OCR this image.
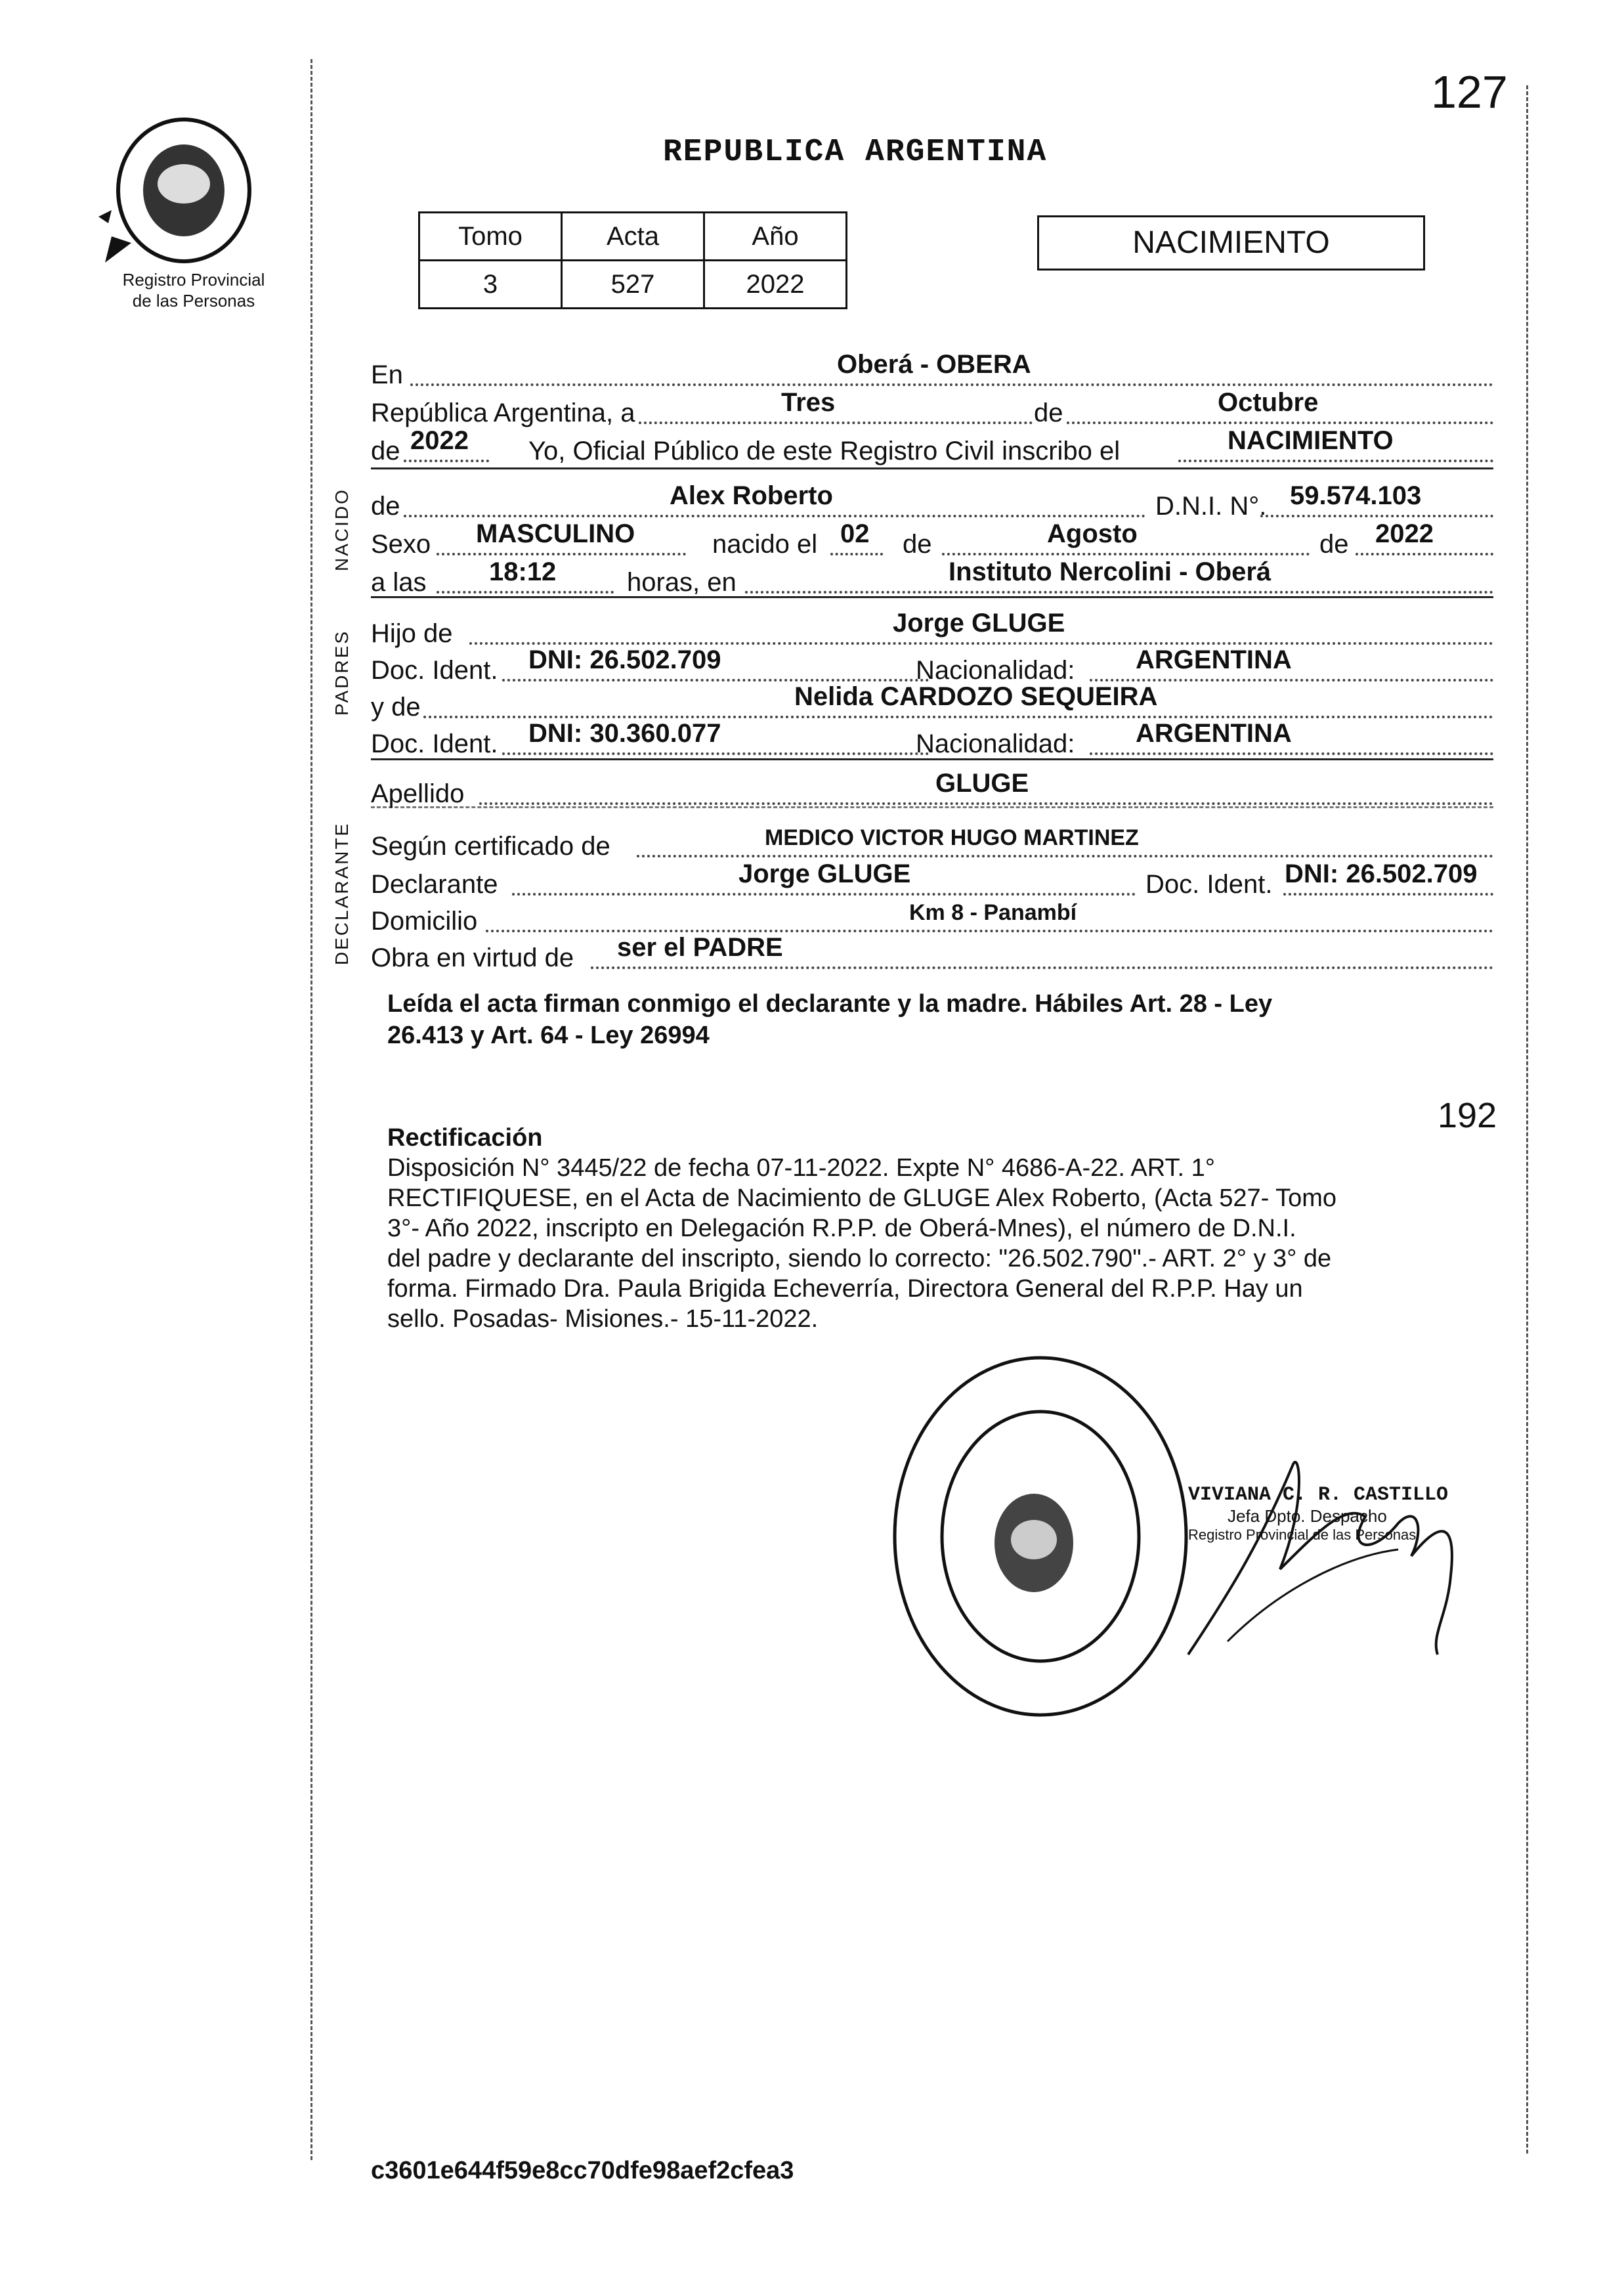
127
Registro Provincial
de las Personas
REPUBLICA ARGENTINA
Tomo	Acta	Año
3	527	2022
NACIMIENTO
NACIDO
PADRES
DECLARANTE
En	Oberá - OBERA
República Argentina, a	Tres	de	Octubre
de 2022 Yo, Oficial Público de este Registro Civil inscribo el	NACIMIENTO
de	Alex Roberto	D.N.I. N°. 59.574.103
Sexo MASCULINO	nacido el 02 de	Agosto	de 2022
a las 18:12	horas, en	Instituto Nercolini - Oberá
Hijo de	Jorge GLUGE
Doc. Ident. DNI: 26.502.709	Nacionalidad: ARGENTINA
y de	Nelida CARDOZO SEQUEIRA
Doc. Ident. DNI: 30.360.077	Nacionalidad: ARGENTINA
Apellido	GLUGE
Según certificado de	MEDICO VICTOR HUGO MARTINEZ
Declarante	Jorge GLUGE	Doc. Ident. DNI: 26.502.709
Domicilio	Km 8 - Panambí
Obra en virtud de ser el PADRE
Leída el acta firman conmigo el declarante y la madre. Hábiles Art. 28 - Ley
26.413 y Art. 64 - Ley 26994
192
Rectificación
Disposición N° 3445/22 de fecha 07-11-2022. Expte N° 4686-A-22. ART. 1°
RECTIFIQUESE, en el Acta de Nacimiento de GLUGE Alex Roberto, (Acta 527- Tomo
3°- Año 2022, inscripto en Delegación R.P.P. de Oberá-Mnes), el número de D.N.I.
del padre y declarante del inscripto, siendo lo correcto: "26.502.790".- ART. 2° y 3° de
forma. Firmado Dra. Paula Brigida Echeverría, Directora General del R.P.P. Hay un
sello. Posadas- Misiones.- 15-11-2022.
VIVIANA C. R. CASTILLO
Jefa Dpto. Despacho
Registro Provincial de las Personas
c3601e644f59e8cc70dfe98aef2cfea3
